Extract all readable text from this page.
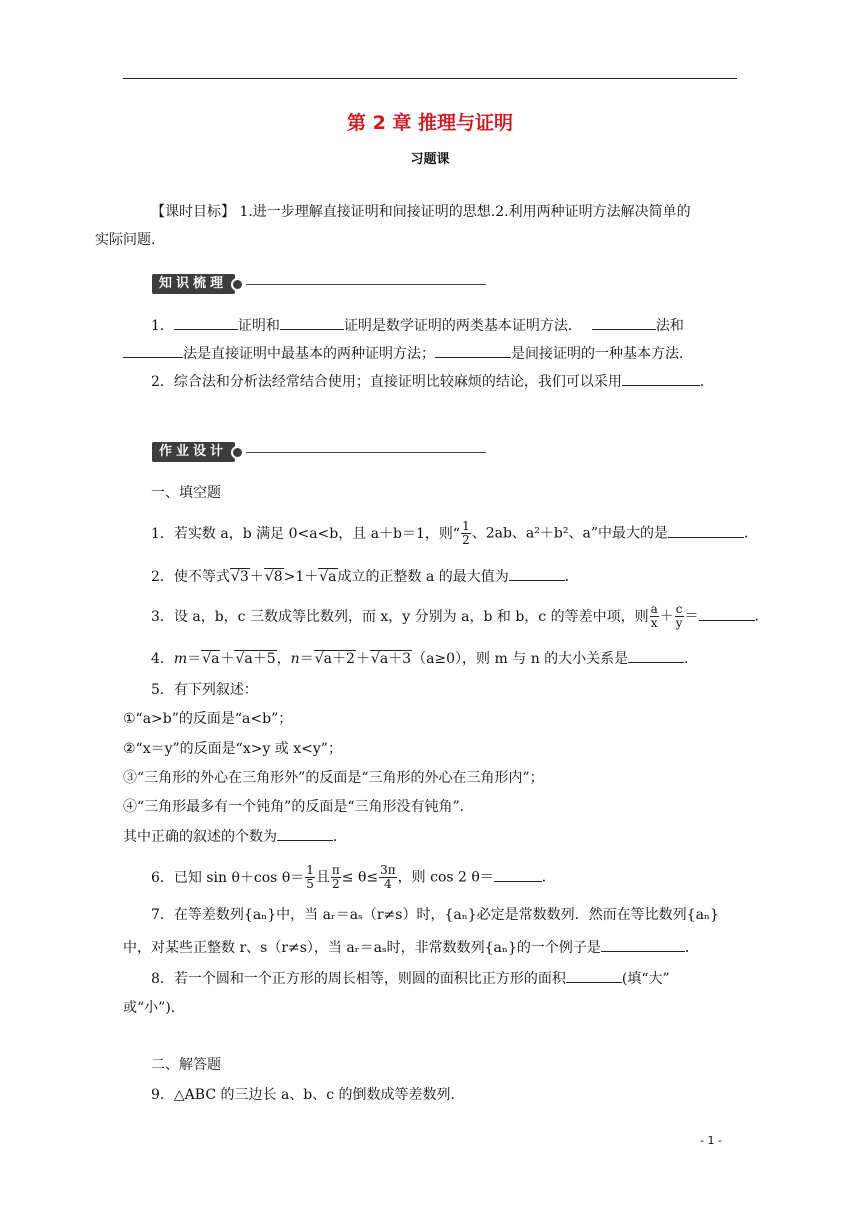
第 2 章 推理与证明
习题课
【课时目标】 1.进一步理解直接证明和间接证明的思想.2.利用两种证明方法解决简单的
实际问题.
知识梳理
1．	证明和	证明是数学证明的两类基本证明方法．	法和
法是直接证明中最基本的两种证明方法；	是间接证明的一种基本方法．
2．综合法和分析法经常结合使用；直接证明比较麻烦的结论，我们可以采用	．
作业设计
一、填空题
1．若实数 a，b 满足 0<a<b，且 a＋b＝1，则“ $\frac{1}{2}$ 、2ab、a²＋b²、a”中最大的是	．
2．使不等式 √ 3＋ √ 8>1＋ √ a成立的正整数 a 的最大值为	．
3．设 a，b，c 三数成等比数列，而 x，y 分别为 a，b 和 b，c 的等差中项，则 $\frac{a}{x} + \frac{c}{y}$ ＝	．
4．m＝ √ a＋ √ a＋5，n＝ √ a＋2＋ √ a＋3（a≥0），则 m 与 n 的大小关系是	．
5．有下列叙述：
①“a>b”的反面是“a<b”；
②“x＝y”的反面是“x>y 或 x<y”；
③“三角形的外心在三角形外”的反面是“三角形的外心在三角形内”；
④“三角形最多有一个钝角”的反面是“三角形没有钝角”．
其中正确的叙述的个数为	．
6．已知 sin θ＋cos $\theta= \frac{1}{5}$ 且 $\frac{\pi}{2} \le \theta\le \frac{3\pi}{4}$ ，则 cos 2 θ＝	．
7．在等差数列{aₙ}中，当 aᵣ＝aₛ（r≠s）时，{aₙ}必定是常数数列．然而在等比数列{aₙ}
中，对某些正整数 r、s（r≠s），当 aᵣ＝aₛ时，非常数数列{aₙ}的一个例子是	．
8．若一个圆和一个正方形的周长相等，则圆的面积比正方形的面积	(填“大”
或“小”)．
二、解答题
9．△ABC 的三边长 a、b、c 的倒数成等差数列．
- 1 -
